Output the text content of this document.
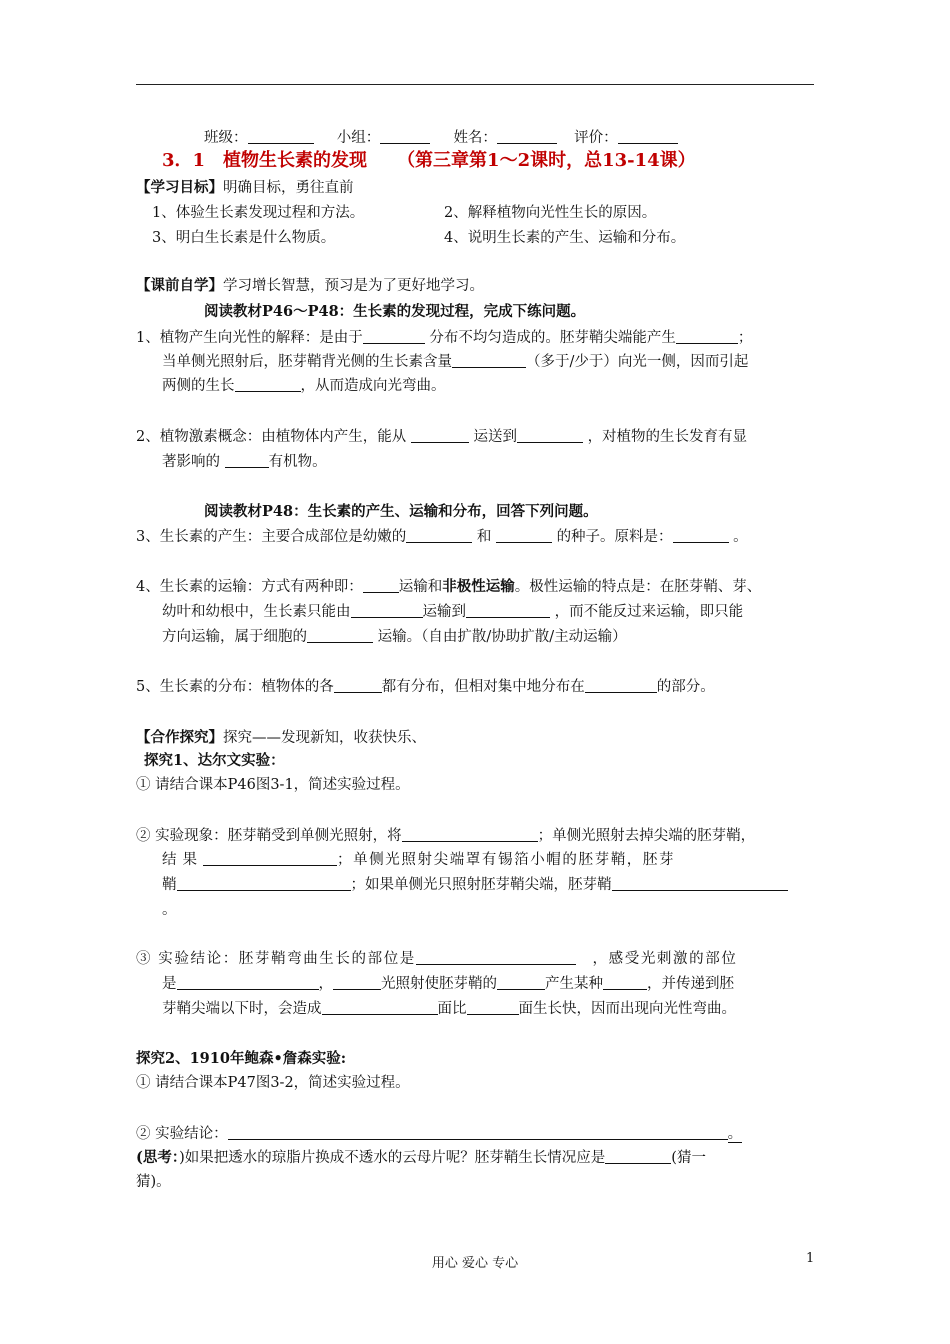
班级：	小组：	姓名：	评价：
3．1　植物生长素的发现 （第三章第1～2课时，总13-14课）
【学习目标】明确目标，勇往直前
1、体验生长素发现过程和方法。	2、解释植物向光性生长的原因。
3、明白生长素是什么物质。	4、说明生长素的产生、运输和分布。
【课前自学】学习增长智慧，预习是为了更好地学习。
阅读教材P46～P48：生长素的发现过程，完成下练问题。
1、植物产生向光性的解释：是由于	分布不均匀造成的。胚芽鞘尖端能产生	；
当单侧光照射后，胚芽鞘背光侧的生长素含量	（多于/少于）向光一侧，因而引起
两侧的生长	，从而造成向光弯曲。
2、植物激素概念：由植物体内产生，能从	运送到	，对植物的生长发育有显
著影响的	有机物。
阅读教材P48：生长素的产生、运输和分布，回答下列问题。
3、生长素的产生：主要合成部位是幼嫩的	和	的种子。原料是：	。
4、生长素的运输：方式有两种即： 运输和非极性运输。极性运输的特点是：在胚芽鞘、芽、
幼叶和幼根中，生长素只能由	运输到	，而不能反过来运输，即只能
方向运输，属于细胞的	运输。（自由扩散/协助扩散/主动运输）
5、生长素的分布：植物体的各	都有分布，但相对集中地分布在	的部分。
【合作探究】探究——发现新知，收获快乐、
探究1、达尔文实验：
① 请结合课本P46图3-1，简述实验过程。
② 实验现象：胚芽鞘受到单侧光照射，将	；单侧光照射去掉尖端的胚芽鞘，
结果	；单侧光照射尖端罩有锡箔小帽的胚芽鞘，胚芽
鞘	；如果单侧光只照射胚芽鞘尖端，胚芽鞘
。
③ 实验结论：胚芽鞘弯曲生长的部位是	，感受光刺激的部位
是	，	光照射使胚芽鞘的	产生某种	，并传递到胚
芽鞘尖端以下时，会造成	面比	面生长快，因而出现向光性弯曲。
探究2、1910年鲍森•詹森实验:
① 请结合课本P47图3-2，简述实验过程。
② 实验结论：	。
(思考：)如果把透水的琼脂片换成不透水的云母片呢？胚芽鞘生长情况应是	(猜一
猜)。
用心 爱心 专心	1
